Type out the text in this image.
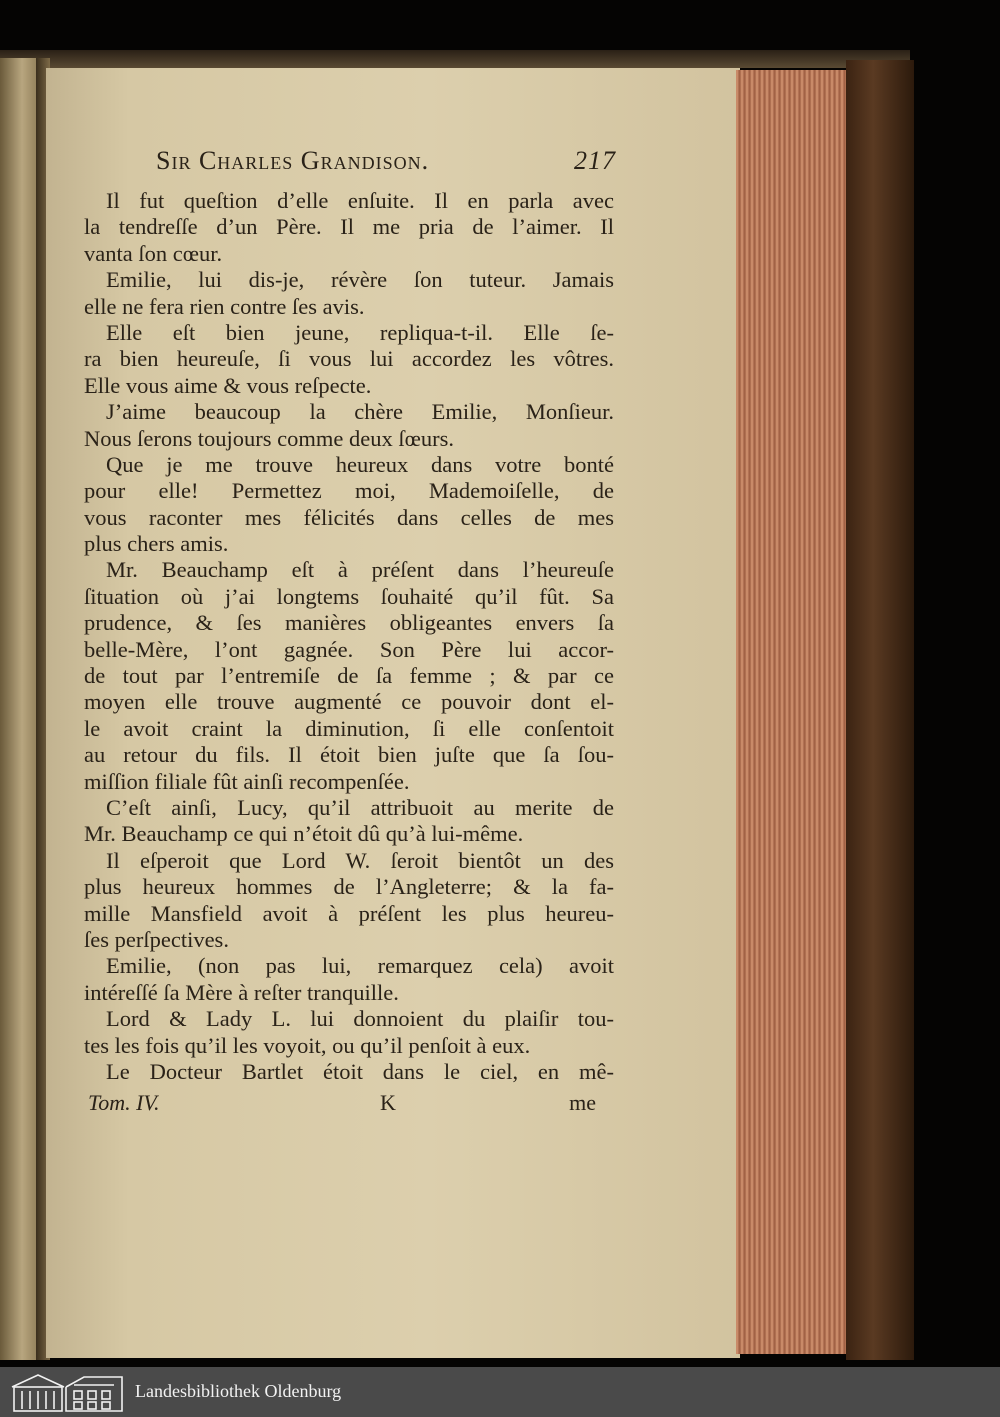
Sir Charles Grandison.	217
Il fut queſtion d’elle enſuite. Il en parla avec
la tendreſſe d’un Père. Il me pria de l’aimer. Il
vanta ſon cœur.
Emilie, lui dis-je, révère ſon tuteur. Jamais
elle ne fera rien contre ſes avis.
Elle eſt bien jeune, repliqua-t-il. Elle ſe-
ra bien heureuſe, ſi vous lui accordez les vôtres.
Elle vous aime & vous reſpecte.
J’aime beaucoup la chère Emilie, Monſieur.
Nous ſerons toujours comme deux ſœurs.
Que je me trouve heureux dans votre bonté
pour elle! Permettez moi, Mademoiſelle, de
vous raconter mes félicités dans celles de mes
plus chers amis.
Mr. Beauchamp eſt à préſent dans l’heureuſe
ſituation où j’ai longtems ſouhaité qu’il fût. Sa
prudence, & ſes manières obligeantes envers ſa
belle-Mère, l’ont gagnée. Son Père lui accor-
de tout par l’entremiſe de ſa femme ; & par ce
moyen elle trouve augmenté ce pouvoir dont el-
le avoit craint la diminution, ſi elle conſentoit
au retour du fils. Il étoit bien juſte que ſa ſou-
miſſion filiale fût ainſi recompenſée.
C’eſt ainſi, Lucy, qu’il attribuoit au merite de
Mr. Beauchamp ce qui n’étoit dû qu’à lui-même.
Il eſperoit que Lord W. ſeroit bientôt un des
plus heureux hommes de l’Angleterre; & la fa-
mille Mansfield avoit à préſent les plus heureu-
ſes perſpectives.
Emilie, (non pas lui, remarquez cela) avoit
intéreſſé ſa Mère à reſter tranquille.
Lord & Lady L. lui donnoient du plaiſir tou-
tes les fois qu’il les voyoit, ou qu’il penſoit à eux.
Le Docteur Bartlet étoit dans le ciel, en mê-
Tom. IV.	K	me
Landesbibliothek Oldenburg
